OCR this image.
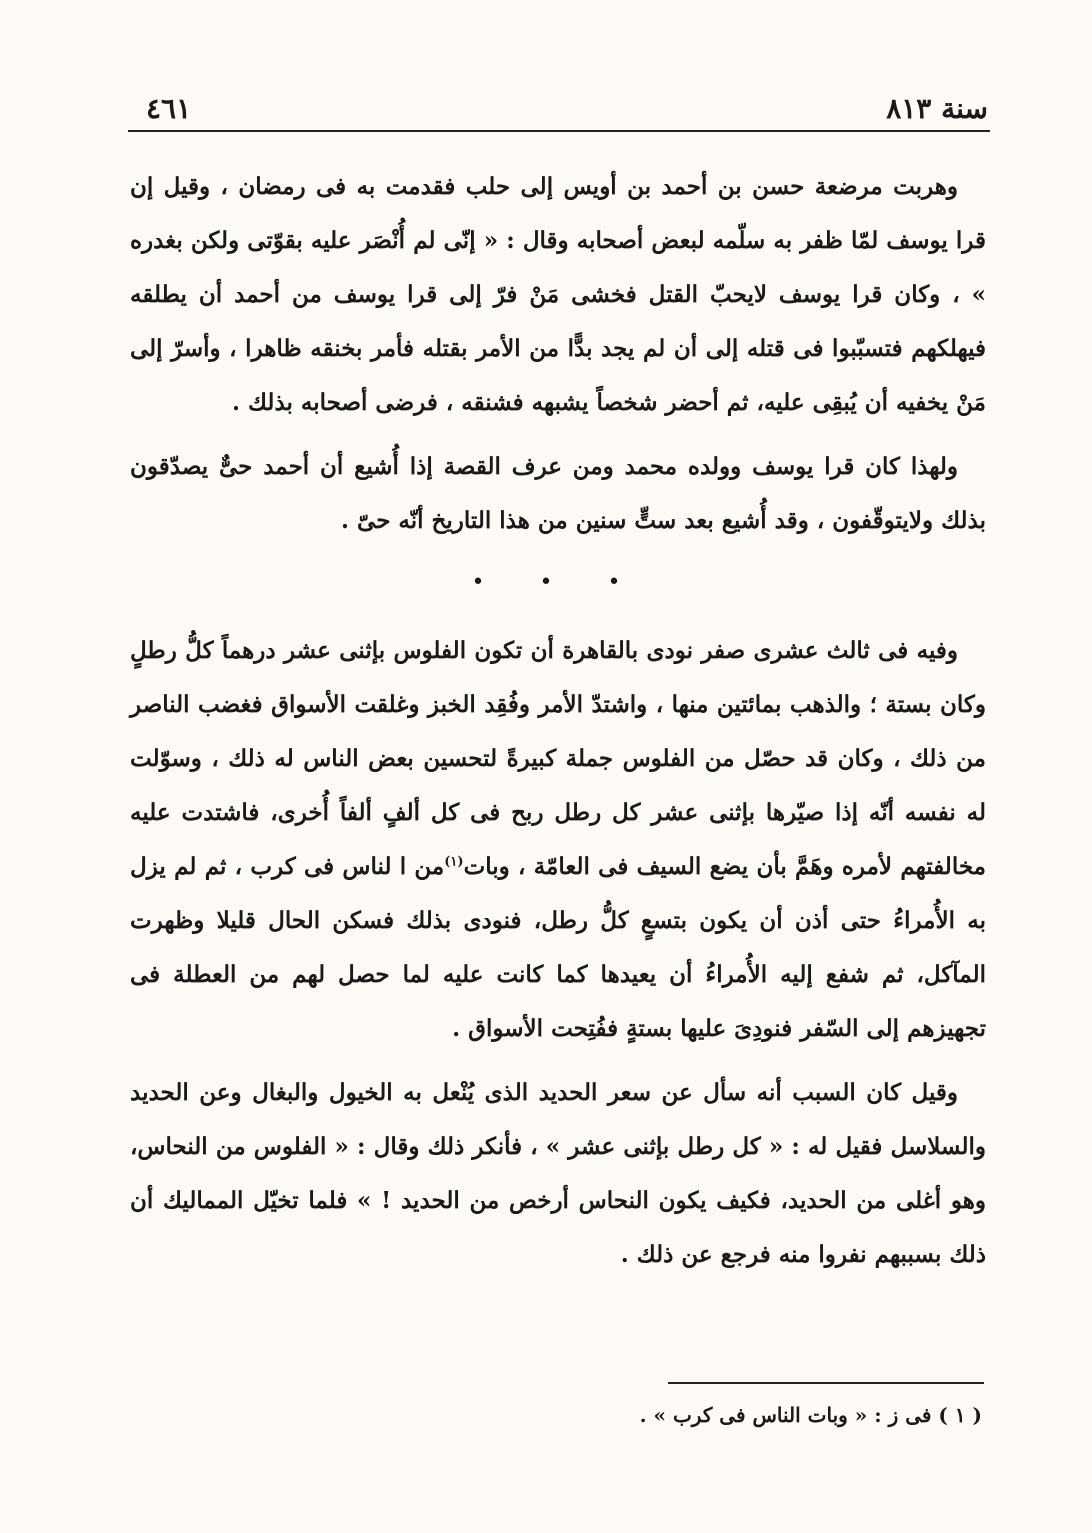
سنة ٨١٣
٤٦١

وهربت مرضعة حسن بن أحمد بن أويس إلى حلب فقدمت به فى رمضان ، وقيل إن قرا يوسف لمّا ظفر به سلّمه لبعض أصحابه وقال : « إنّى لم أُنْصَر عليه بقوّتى ولكن بغدره » ، وكان قرا يوسف لايحبّ القتل فخشى مَنْ فرّ إلى قرا يوسف من أحمد أن يطلقه فيهلكهم فتسبّبوا فى قتله إلى أن لم يجد بدًّا من الأمر بقتله فأمر بخنقه ظاهرا ، وأسرّ إلى مَنْ يخفيه أن يُبقِى عليه، ثم أحضر شخصاً يشبهه فشنقه ، فرضى أصحابه بذلك .

ولهذا كان قرا يوسف وولده محمد ومن عرف القصة إذا أُشيع أن أحمد حىٌّ يصدّقون بذلك ولايتوقّفون ، وقد أُشيع بعد ستٍّ سنين من هذا التاريخ أنّه حىّ .

• • •

وفيه فى ثالث عشرى صفر نودى بالقاهرة أن تكون الفلوس بإثنى عشر درهماً كلُّ رطلٍ وكان بستة ؛ والذهب بمائتين منها ، واشتدّ الأمر وفُقِد الخبز وغلقت الأسواق فغضب الناصر من ذلك ، وكان قد حصّل من الفلوس جملة كبيرةً لتحسين بعض الناس له ذلك ، وسوّلت له نفسه أنّه إذا صيّرها بإثنى عشر كل رطل ربح فى كل ألفٍ ألفاً أُخرى، فاشتدت عليه مخالفتهم لأمره وهَمَّ بأن يضع السيف فى العامّة ، وبات$^{(١)}$من ا لناس فى كرب ، ثم لم يزل به الأُمراءُ حتى أذن أن يكون بتسعٍ كلُّ رطل، فنودى بذلك فسكن الحال قليلا وظهرت المآكل، ثم شفع إليه الأُمراءُ أن يعيدها كما كانت عليه لما حصل لهم من العطلة فى تجهيزهم إلى السّفر فنودِىَ عليها بستةٍ ففُتِحت الأسواق .

وقيل كان السبب أنه سأل عن سعر الحديد الذى يُنْعل به الخيول والبغال وعن الحديد والسلاسل فقيل له : « كل رطل بإثنى عشر » ، فأنكر ذلك وقال : « الفلوس من النحاس، وهو أغلى من الحديد، فكيف يكون النحاس أرخص من الحديد ! » فلما تخيّل المماليك أن ذلك بسببهم نفروا منه فرجع عن ذلك .

( ١ ) فى ز : « وبات الناس فى كرب » .
